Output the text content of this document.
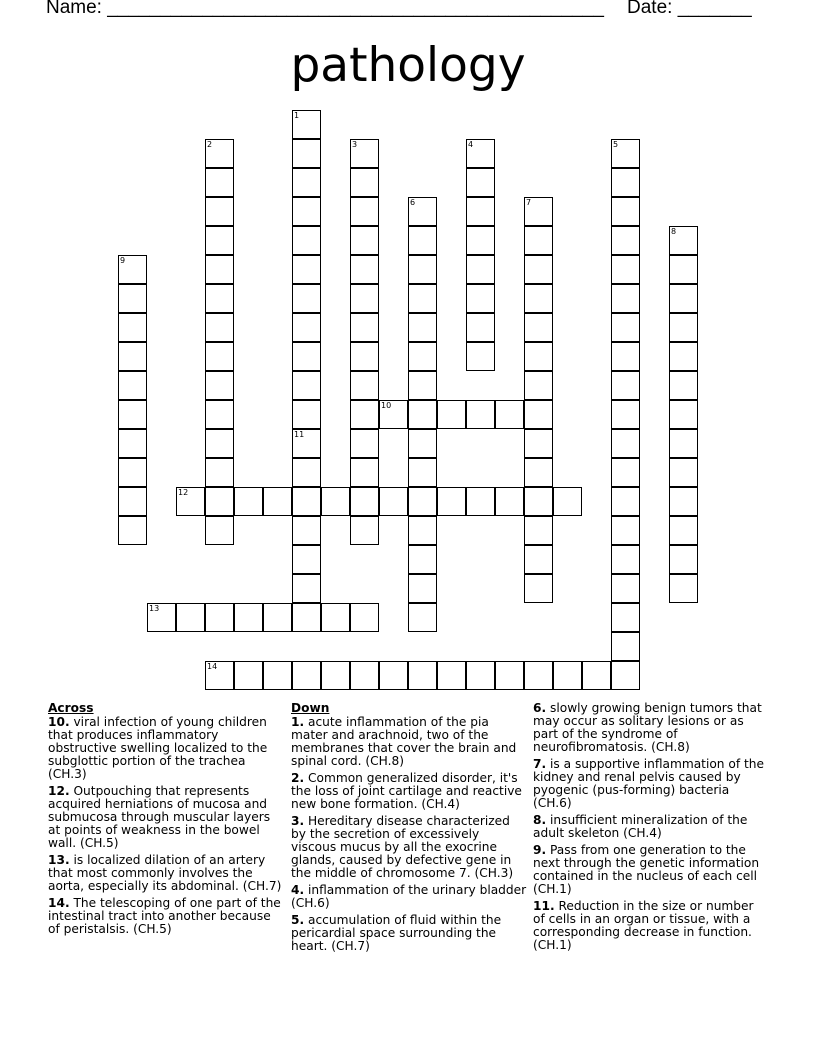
Name: _______________________________________________ Date: _______
pathology
10
12
13
14
1
2	3	4	5
6	7
8
9
11
Across
10. viral infection of young children that produces inflammatory obstructive swelling localized to the subglottic portion of the trachea (CH.3)
12. Outpouching that represents acquired herniations of mucosa and submucosa through muscular layers at points of weakness in the bowel wall. (CH.5)
13. is localized dilation of an artery that most commonly involves the aorta, especially its abdominal. (CH.7)
14. The telescoping of one part of the intestinal tract into another because of peristalsis. (CH.5)
Down
1. acute inflammation of the pia mater and arachnoid, two of the membranes that cover the brain and spinal cord. (CH.8)
2. Common generalized disorder, it's the loss of joint cartilage and reactive new bone formation. (CH.4)
3. Hereditary disease characterized by the secretion of excessively viscous mucus by all the exocrine glands, caused by defective gene in the middle of chromosome 7. (CH.3)
4. inflammation of the urinary bladder (CH.6)
5. accumulation of fluid within the pericardial space surrounding the heart. (CH.7)
6. slowly growing benign tumors that may occur as solitary lesions or as part of the syndrome of neurofibromatosis. (CH.8)
7. is a supportive inflammation of the kidney and renal pelvis caused by pyogenic (pus-forming) bacteria (CH.6)
8. insufficient mineralization of the adult skeleton (CH.4)
9. Pass from one generation to the next through the genetic information contained in the nucleus of each cell (CH.1)
11. Reduction in the size or number of cells in an organ or tissue, with a corresponding decrease in function. (CH.1)
